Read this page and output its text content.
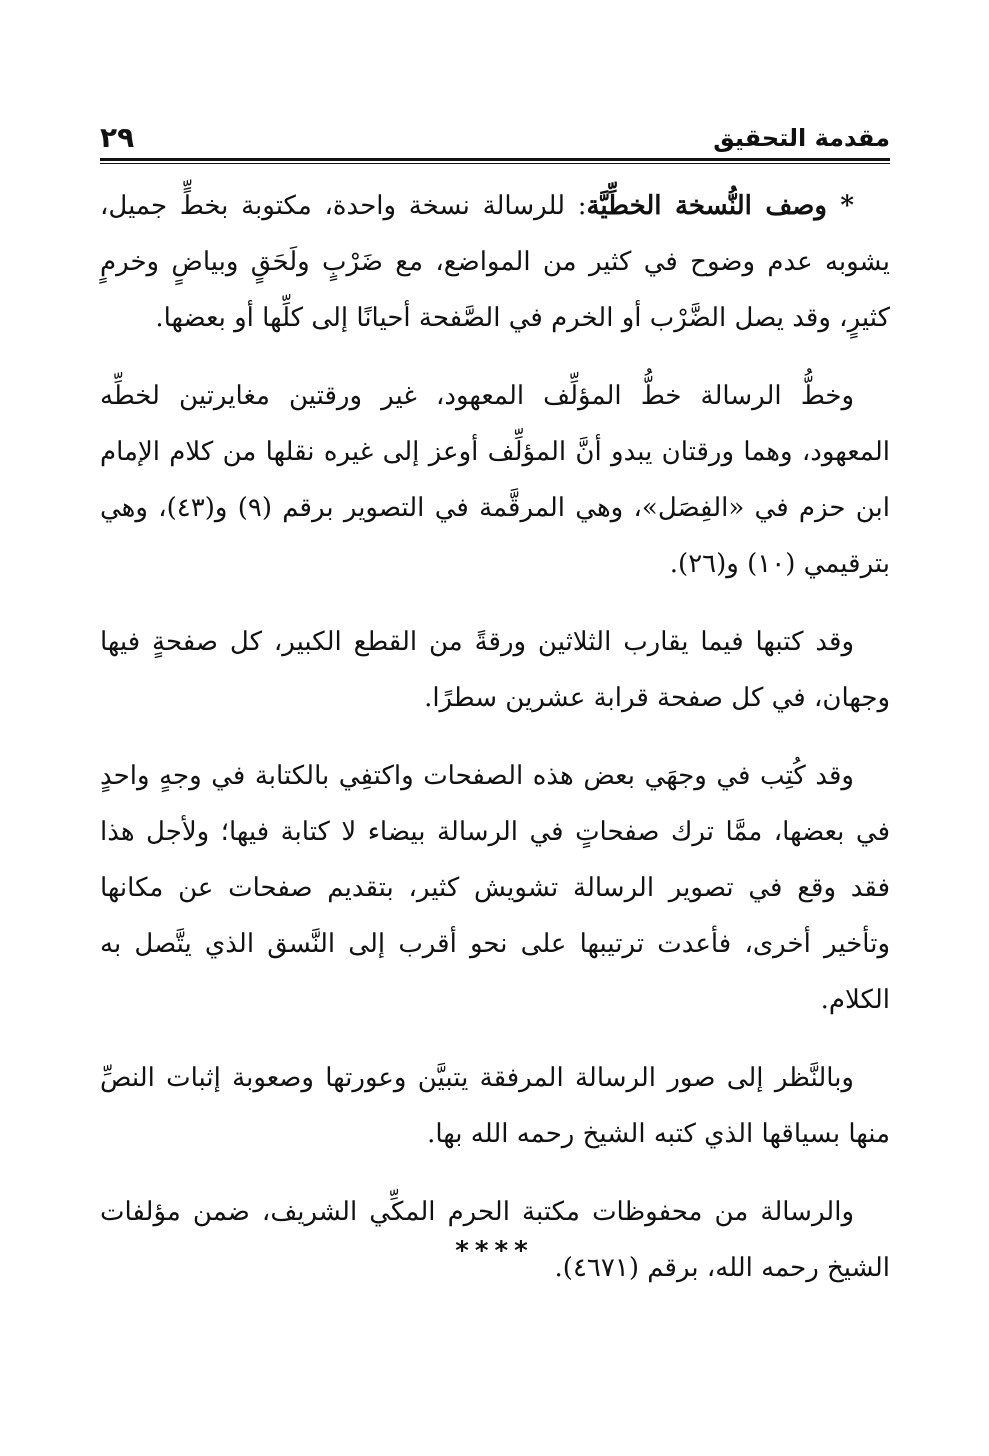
مقدمة التحقيق
٢٩

* وصف النُّسخة الخطِّيَّة: للرسالة نسخة واحدة، مكتوبة بخطٍّ جميل، يشوبه عدم وضوح في كثير من المواضع، مع ضَرْبٍ ولَحَقٍ وبياضٍ وخرمٍ كثيرٍ، وقد يصل الضَّرْب أو الخرم في الصَّفحة أحيانًا إلى كلِّها أو بعضها.

وخطُّ الرسالة خطُّ المؤلِّف المعهود، غير ورقتين مغايرتين لخطِّه المعهود، وهما ورقتان يبدو أنَّ المؤلِّف أوعز إلى غيره نقلها من كلام الإمام ابن حزم في «الفِصَل»، وهي المرقَّمة في التصوير برقم (٩) و(٤٣)، وهي بترقيمي (١٠) و(٢٦).

وقد كتبها فيما يقارب الثلاثين ورقةً من القطع الكبير، كل صفحةٍ فيها وجهان، في كل صفحة قرابة عشرين سطرًا.

وقد كُتِب في وجهَي بعض هذه الصفحات واكتفِي بالكتابة في وجهٍ واحدٍ في بعضها، ممَّا ترك صفحاتٍ في الرسالة بيضاء لا كتابة فيها؛ ولأجل هذا فقد وقع في تصوير الرسالة تشويش كثير، بتقديم صفحات عن مكانها وتأخير أخرى، فأعدت ترتيبها على نحو أقرب إلى النَّسق الذي يتَّصل به الكلام.

وبالنَّظر إلى صور الرسالة المرفقة يتبيَّن وعورتها وصعوبة إثبات النصِّ منها بسياقها الذي كتبه الشيخ رحمه الله بها.

والرسالة من محفوظات مكتبة الحرم المكِّي الشريف، ضمن مؤلفات الشيخ رحمه الله، برقم (٤٦٧١).

****
